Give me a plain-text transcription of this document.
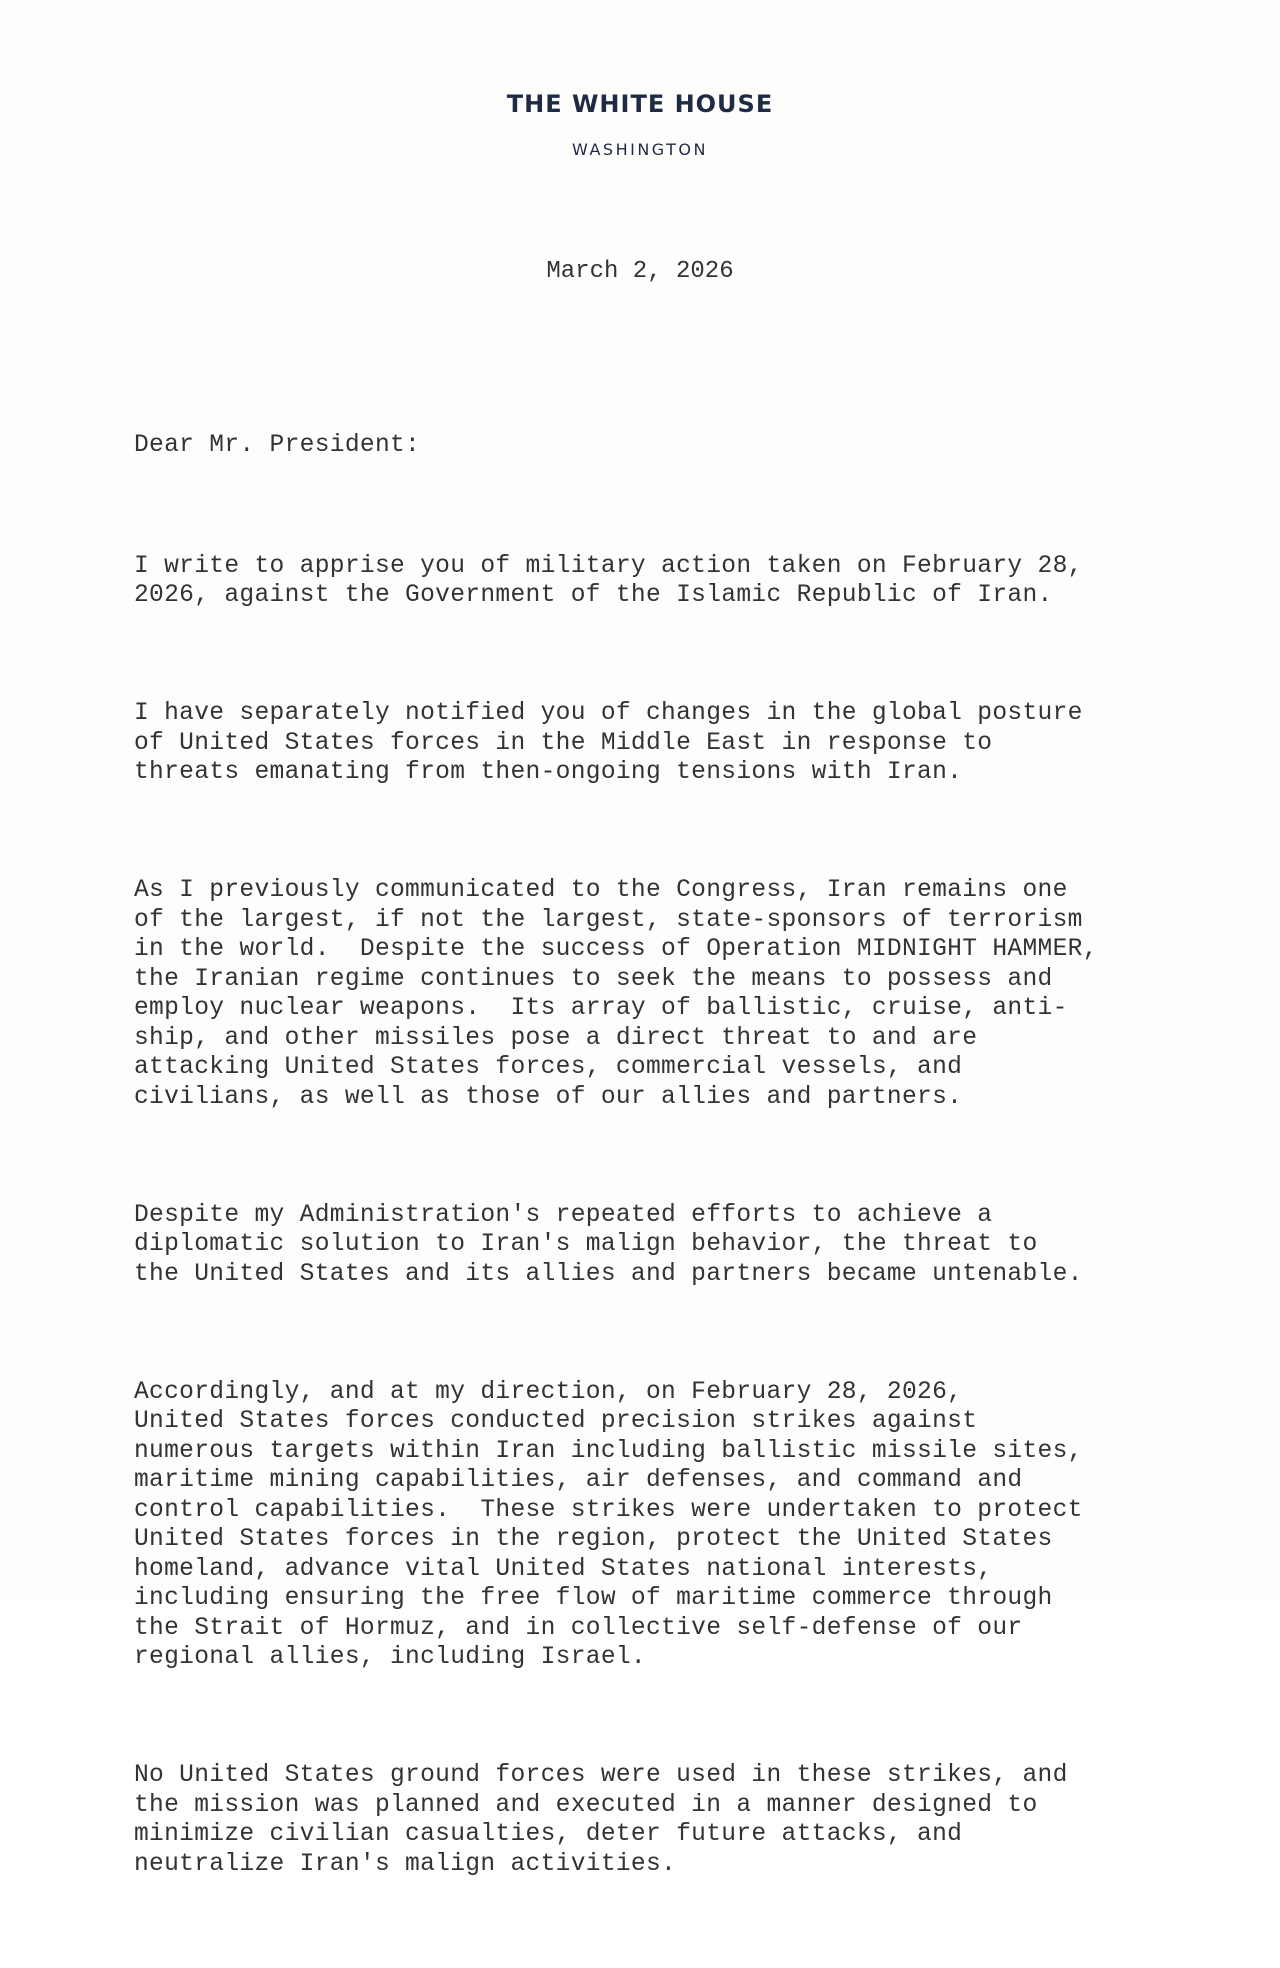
THE WHITE HOUSE
WASHINGTON
March 2, 2026

Dear Mr. President:

I write to apprise you of military action taken on February 28,
2026, against the Government of the Islamic Republic of Iran.

I have separately notified you of changes in the global posture
of United States forces in the Middle East in response to
threats emanating from then-ongoing tensions with Iran.

As I previously communicated to the Congress, Iran remains one
of the largest, if not the largest, state-sponsors of terrorism
in the world.  Despite the success of Operation MIDNIGHT HAMMER,
the Iranian regime continues to seek the means to possess and
employ nuclear weapons.  Its array of ballistic, cruise, anti-
ship, and other missiles pose a direct threat to and are
attacking United States forces, commercial vessels, and
civilians, as well as those of our allies and partners.

Despite my Administration's repeated efforts to achieve a
diplomatic solution to Iran's malign behavior, the threat to
the United States and its allies and partners became untenable.

Accordingly, and at my direction, on February 28, 2026,
United States forces conducted precision strikes against
numerous targets within Iran including ballistic missile sites,
maritime mining capabilities, air defenses, and command and
control capabilities.  These strikes were undertaken to protect
United States forces in the region, protect the United States
homeland, advance vital United States national interests,
including ensuring the free flow of maritime commerce through
the Strait of Hormuz, and in collective self-defense of our
regional allies, including Israel.

No United States ground forces were used in these strikes, and
the mission was planned and executed in a manner designed to
minimize civilian casualties, deter future attacks, and
neutralize Iran's malign activities.
